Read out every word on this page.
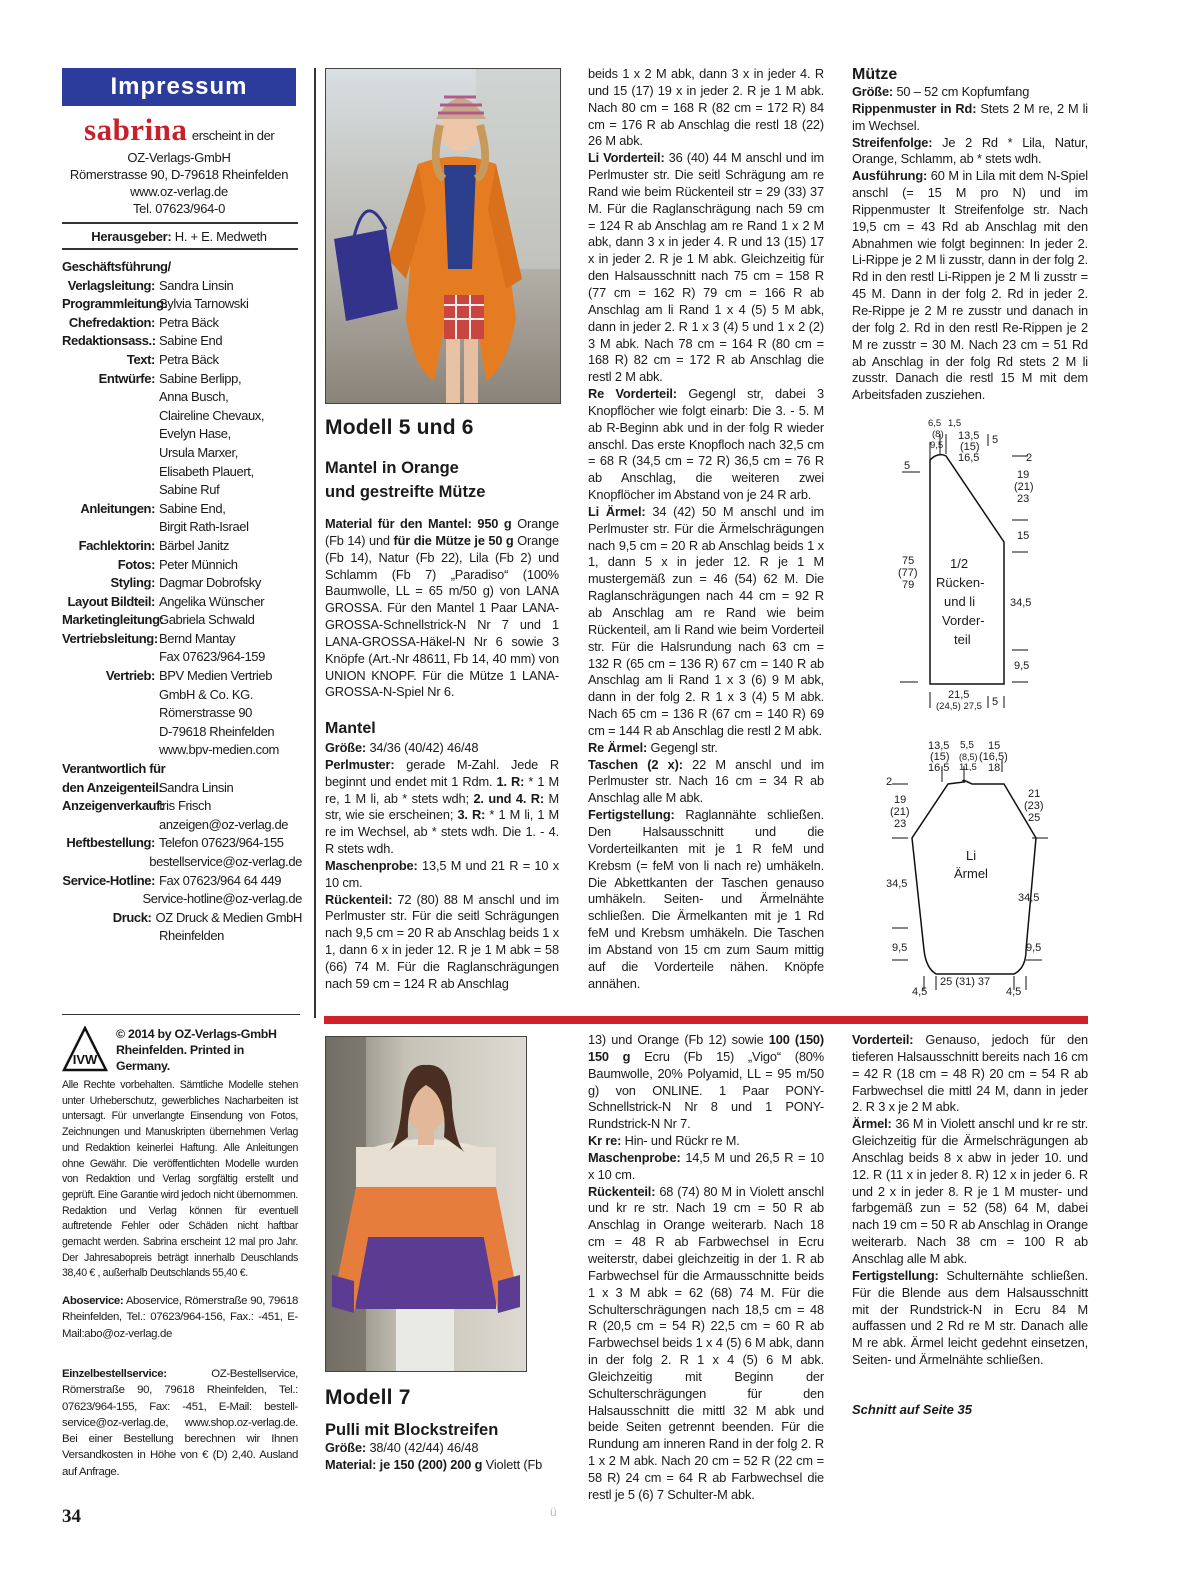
Impressum
sabrina erscheint in der
OZ-Verlags-GmbH
Römerstrasse 90, D-79618 Rheinfelden
www.oz-verlag.de
Tel. 07623/964-0
Herausgeber: H. + E. Medweth
Geschäftsführung/
Verlagsleitung: Sandra Linsin
Programmleitung:
Sylvia Tarnowski
Chefredaktion: Petra Bäck
Redaktionsass.: Sabine End
Text: Petra Bäck
Entwürfe: Sabine Berlipp,
Anna Busch,
Claireline Chevaux,
Evelyn Hase,
Ursula Marxer,
Elisabeth Plauert,
Sabine Ruf
Anleitungen: Sabine End,
Birgit Rath-Israel
Fachlektorin: Bärbel Janitz
Fotos: Peter Münnich
Styling: Dagmar Dobrofsky
Layout Bildteil: Angelika Wünscher
Marketingleitung:
Gabriela Schwald
Vertriebsleitung: Bernd Mantay
Fax 07623/964-159
Vertrieb: BPV Medien Vertrieb
GmbH & Co. KG.
Römerstrasse 90
D-79618 Rheinfelden
www.bpv-medien.com
Verantwortlich für
den Anzeigenteil:
Sandra Linsin
Anzeigenverkauf:
Iris Frisch
anzeigen@oz-verlag.de
Heftbestellung: Telefon 07623/964-155
bestellservice@oz-verlag.de
Service-Hotline: Fax 07623/964 64 449
Service-hotline@oz-verlag.de
Druck: OZ Druck & Medien GmbH
Rheinfelden
IVW
© 2014 by OZ-Verlags-GmbH Rheinfelden. Printed in Germany.
Alle Rechte vorbehalten. Sämtliche Modelle stehen unter Urheberschutz, gewerbliches Nacharbeiten ist untersagt. Für unverlangte Einsendung von Fotos, Zeichnungen und Manuskripten übernehmen Verlag und Redaktion keinerlei Haftung. Alle Anleitungen ohne Gewähr. Die veröffentlichten Modelle wurden von Redaktion und Verlag sorgfältig erstellt und geprüft. Eine Garantie wird jedoch nicht übernommen. Redaktion und Verlag können für eventuell auftretende Fehler oder Schäden nicht haftbar gemacht werden. Sabrina erscheint 12 mal pro Jahr. Der Jahresabopreis beträgt innerhalb Deuschlands 38,40 € , außerhalb Deutschlands 55,40 €.
Aboservice: Aboservice, Römerstraße 90, 79618 Rheinfelden, Tel.: 07623/964-156, Fax.: -451, E-Mail:abo@oz-verlag.de
Einzelbestellservice:	OZ-Bestellservice, Römerstraße 90, 79618 Rheinfelden, Tel.: 07623/964-155, Fax: -451, E-Mail: bestell-service@oz-verlag.de, www.shop.oz-verlag.de. Bei einer Bestellung berechnen wir Ihnen Versandkosten in Höhe von € (D) 2,40. Ausland auf Anfrage.
Modell 5 und 6
Mantel in Orange
und gestreifte Mütze
Material für den Mantel: 950 g Orange (Fb 14) und für die Mütze je 50 g Orange (Fb 14), Natur (Fb 22), Lila (Fb 2) und Schlamm (Fb 7) „Paradiso“ (100% Baumwolle, LL = 65 m/50 g) von LANA GROSSA. Für den Mantel 1 Paar LANA-GROSSA-Schnellstrick-N Nr 7 und 1 LANA-GROSSA-Häkel-N Nr 6 sowie 3 Knöpfe (Art.-Nr 48611, Fb 14, 40 mm) von UNION KNOPF. Für die Mütze 1 LANA-GROSSA-N-Spiel Nr 6.
Mantel
Größe: 34/36 (40/42) 46/48
Perlmuster: gerade M-Zahl. Jede R beginnt und endet mit 1 Rdm. 1. R: * 1 M re, 1 M li, ab * stets wdh; 2. und 4. R: M str, wie sie erscheinen; 3. R: * 1 M li, 1 M re im Wechsel, ab * stets wdh. Die 1. - 4. R stets wdh.
Maschenprobe: 13,5 M und 21 R = 10 x 10 cm.
Rückenteil: 72 (80) 88 M anschl und im Perlmuster str. Für die seitl Schrägungen nach 9,5 cm = 20 R ab Anschlag beids 1 x 1, dann 6 x in jeder 12. R je 1 M abk = 58 (66) 74 M. Für die Raglanschrägungen nach 59 cm = 124 R ab Anschlag
beids 1 x 2 M abk, dann 3 x in jeder 4. R und 15 (17) 19 x in jeder 2. R je 1 M abk. Nach 80 cm = 168 R (82 cm = 172 R) 84 cm = 176 R ab Anschlag die restl 18 (22) 26 M abk.
Li Vorderteil: 36 (40) 44 M anschl und im Perlmuster str. Die seitl Schrägung am re Rand wie beim Rückenteil str = 29 (33) 37 M. Für die Raglanschrägung nach 59 cm = 124 R ab Anschlag am re Rand 1 x 2 M abk, dann 3 x in jeder 4. R und 13 (15) 17 x in jeder 2. R je 1 M abk. Gleichzeitig für den Halsausschnitt nach 75 cm = 158 R (77 cm = 162 R) 79 cm = 166 R ab Anschlag am li Rand 1 x 4 (5) 5 M abk, dann in jeder 2. R 1 x 3 (4) 5 und 1 x 2 (2) 3 M abk. Nach 78 cm = 164 R (80 cm = 168 R) 82 cm = 172 R ab Anschlag die restl 2 M abk.
Re Vorderteil: Gegengl str, dabei 3 Knopflöcher wie folgt einarb: Die 3. - 5. M ab R-Beginn abk und in der folg R wieder anschl. Das erste Knopfloch nach 32,5 cm = 68 R (34,5 cm = 72 R) 36,5 cm = 76 R ab Anschlag, die weiteren zwei Knopflöcher im Abstand von je 24 R arb.
Li Ärmel: 34 (42) 50 M anschl und im Perlmuster str. Für die Ärmelschrägungen nach 9,5 cm = 20 R ab Anschlag beids 1 x 1, dann 5 x in jeder 12. R je 1 M mustergemäß zun = 46 (54) 62 M. Die Raglanschrägungen nach 44 cm = 92 R ab Anschlag am re Rand wie beim Rückenteil, am li Rand wie beim Vorderteil str. Für die Halsrundung nach 63 cm = 132 R (65 cm = 136 R) 67 cm = 140 R ab Anschlag am li Rand 1 x 3 (6) 9 M abk, dann in der folg 2. R 1 x 3 (4) 5 M abk. Nach 65 cm = 136 R (67 cm = 140 R) 69 cm = 144 R ab Anschlag die restl 2 M abk.
Re Ärmel: Gegengl str.
Taschen (2 x): 22 M anschl und im Perlmuster str. Nach 16 cm = 34 R ab Anschlag alle M abk.
Fertigstellung: Raglannähte schließen. Den Halsausschnitt und die Vorderteilkanten mit je 1 R feM und Krebsm (= feM von li nach re) umhäkeln. Die Abkettkanten der Taschen genauso umhäkeln. Seiten- und Ärmelnähte schließen. Die Ärmelkanten mit je 1 Rd feM und Krebsm umhäkeln. Die Taschen im Abstand von 15 cm zum Saum mittig auf die Vorderteile nähen. Knöpfe annähen.
Mütze
Größe: 50 – 52 cm Kopfumfang
Rippenmuster in Rd: Stets 2 M re, 2 M li im Wechsel.
Streifenfolge: Je 2 Rd * Lila, Natur, Orange, Schlamm, ab * stets wdh.
Ausführung: 60 M in Lila mit dem N-Spiel anschl (= 15 M pro N) und im Rippenmuster lt Streifenfolge str. Nach 19,5 cm = 43 Rd ab Anschlag mit den Abnahmen wie folgt beginnen: In jeder 2. Li-Rippe je 2 M li zusstr, dann in der folg 2. Rd in den restl Li-Rippen je 2 M li zusstr = 45 M. Dann in der folg 2. Rd in jeder 2. Re-Rippe je 2 M re zusstr und danach in der folg 2. Rd in den restl Re-Rippen je 2 M re zusstr = 30 M. Nach 23 cm = 51 Rd ab Anschlag in der folg Rd stets 2 M li zusstr. Danach die restl 15 M mit dem Arbeitsfaden zusziehen.
6,5
(8)
9,5
1,5
13,5
(15)
16,5
5
2
19
(21)
23
5
15
75
(77)
79
1/2
Rücken-
und li
Vorder-
teil
34,5
9,5
21,5
(24,5) 27,5 5
13,5
(15)
16,5
5,5
(8,5)
11,5
15
(16,5)
18
2
19
(21)
23
21
(23)
25
Li
Ärmel
34,5
34,5
9,5	9,5
4,5
25 (31) 37
4,5
Modell 7
Pulli mit Blockstreifen
Größe: 38/40 (42/44) 46/48
Material: je 150 (200) 200 g Violett (Fb
13) und Orange (Fb 12) sowie 100 (150) 150 g Ecru (Fb 15) „Vigo“ (80% Baumwolle, 20% Polyamid, LL = 95 m/50 g) von ONLINE. 1 Paar PONY-Schnellstrick-N Nr 8 und 1 PONY-Rundstrick-N Nr 7.
Kr re: Hin- und Rückr re M.
Maschenprobe: 14,5 M und 26,5 R = 10 x 10 cm.
Rückenteil: 68 (74) 80 M in Violett anschl und kr re str. Nach 19 cm = 50 R ab Anschlag in Orange weiterarb. Nach 18 cm = 48 R ab Farbwechsel in Ecru weiterstr, dabei gleichzeitig in der 1. R ab Farbwechsel für die Armausschnitte beids 1 x 3 M abk = 62 (68) 74 M. Für die Schulterschrägungen nach 18,5 cm = 48 R (20,5 cm = 54 R) 22,5 cm = 60 R ab Farbwechsel beids 1 x 4 (5) 6 M abk, dann in der folg 2. R 1 x 4 (5) 6 M abk. Gleichzeitig mit Beginn der Schulterschrägungen für den Halsausschnitt die mittl 32 M abk und beide Seiten getrennt beenden. Für die Rundung am inneren Rand in der folg 2. R 1 x 2 M abk. Nach 20 cm = 52 R (22 cm = 58 R) 24 cm = 64 R ab Farbwechsel die restl je 5 (6) 7 Schulter-M abk.
Vorderteil: Genauso, jedoch für den tieferen Halsausschnitt bereits nach 16 cm = 42 R (18 cm = 48 R) 20 cm = 54 R ab Farbwechsel die mittl 24 M, dann in jeder 2. R 3 x je 2 M abk.
Ärmel: 36 M in Violett anschl und kr re str. Gleichzeitig für die Ärmelschrägungen ab Anschlag beids 8 x abw in jeder 10. und 12. R (11 x in jeder 8. R) 12 x in jeder 6. R und 2 x in jeder 8. R je 1 M muster- und farbgemäß zun = 52 (58) 64 M, dabei nach 19 cm = 50 R ab Anschlag in Orange weiterarb. Nach 38 cm = 100 R ab Anschlag alle M abk.
Fertigstellung: Schulternähte schließen. Für die Blende aus dem Halsausschnitt mit der Rundstrick-N in Ecru 84 M auffassen und 2 Rd re M str. Danach alle M re abk. Ärmel leicht gedehnt einsetzen, Seiten- und Ärmelnähte schließen.
Schnitt auf Seite 35
34	ü
